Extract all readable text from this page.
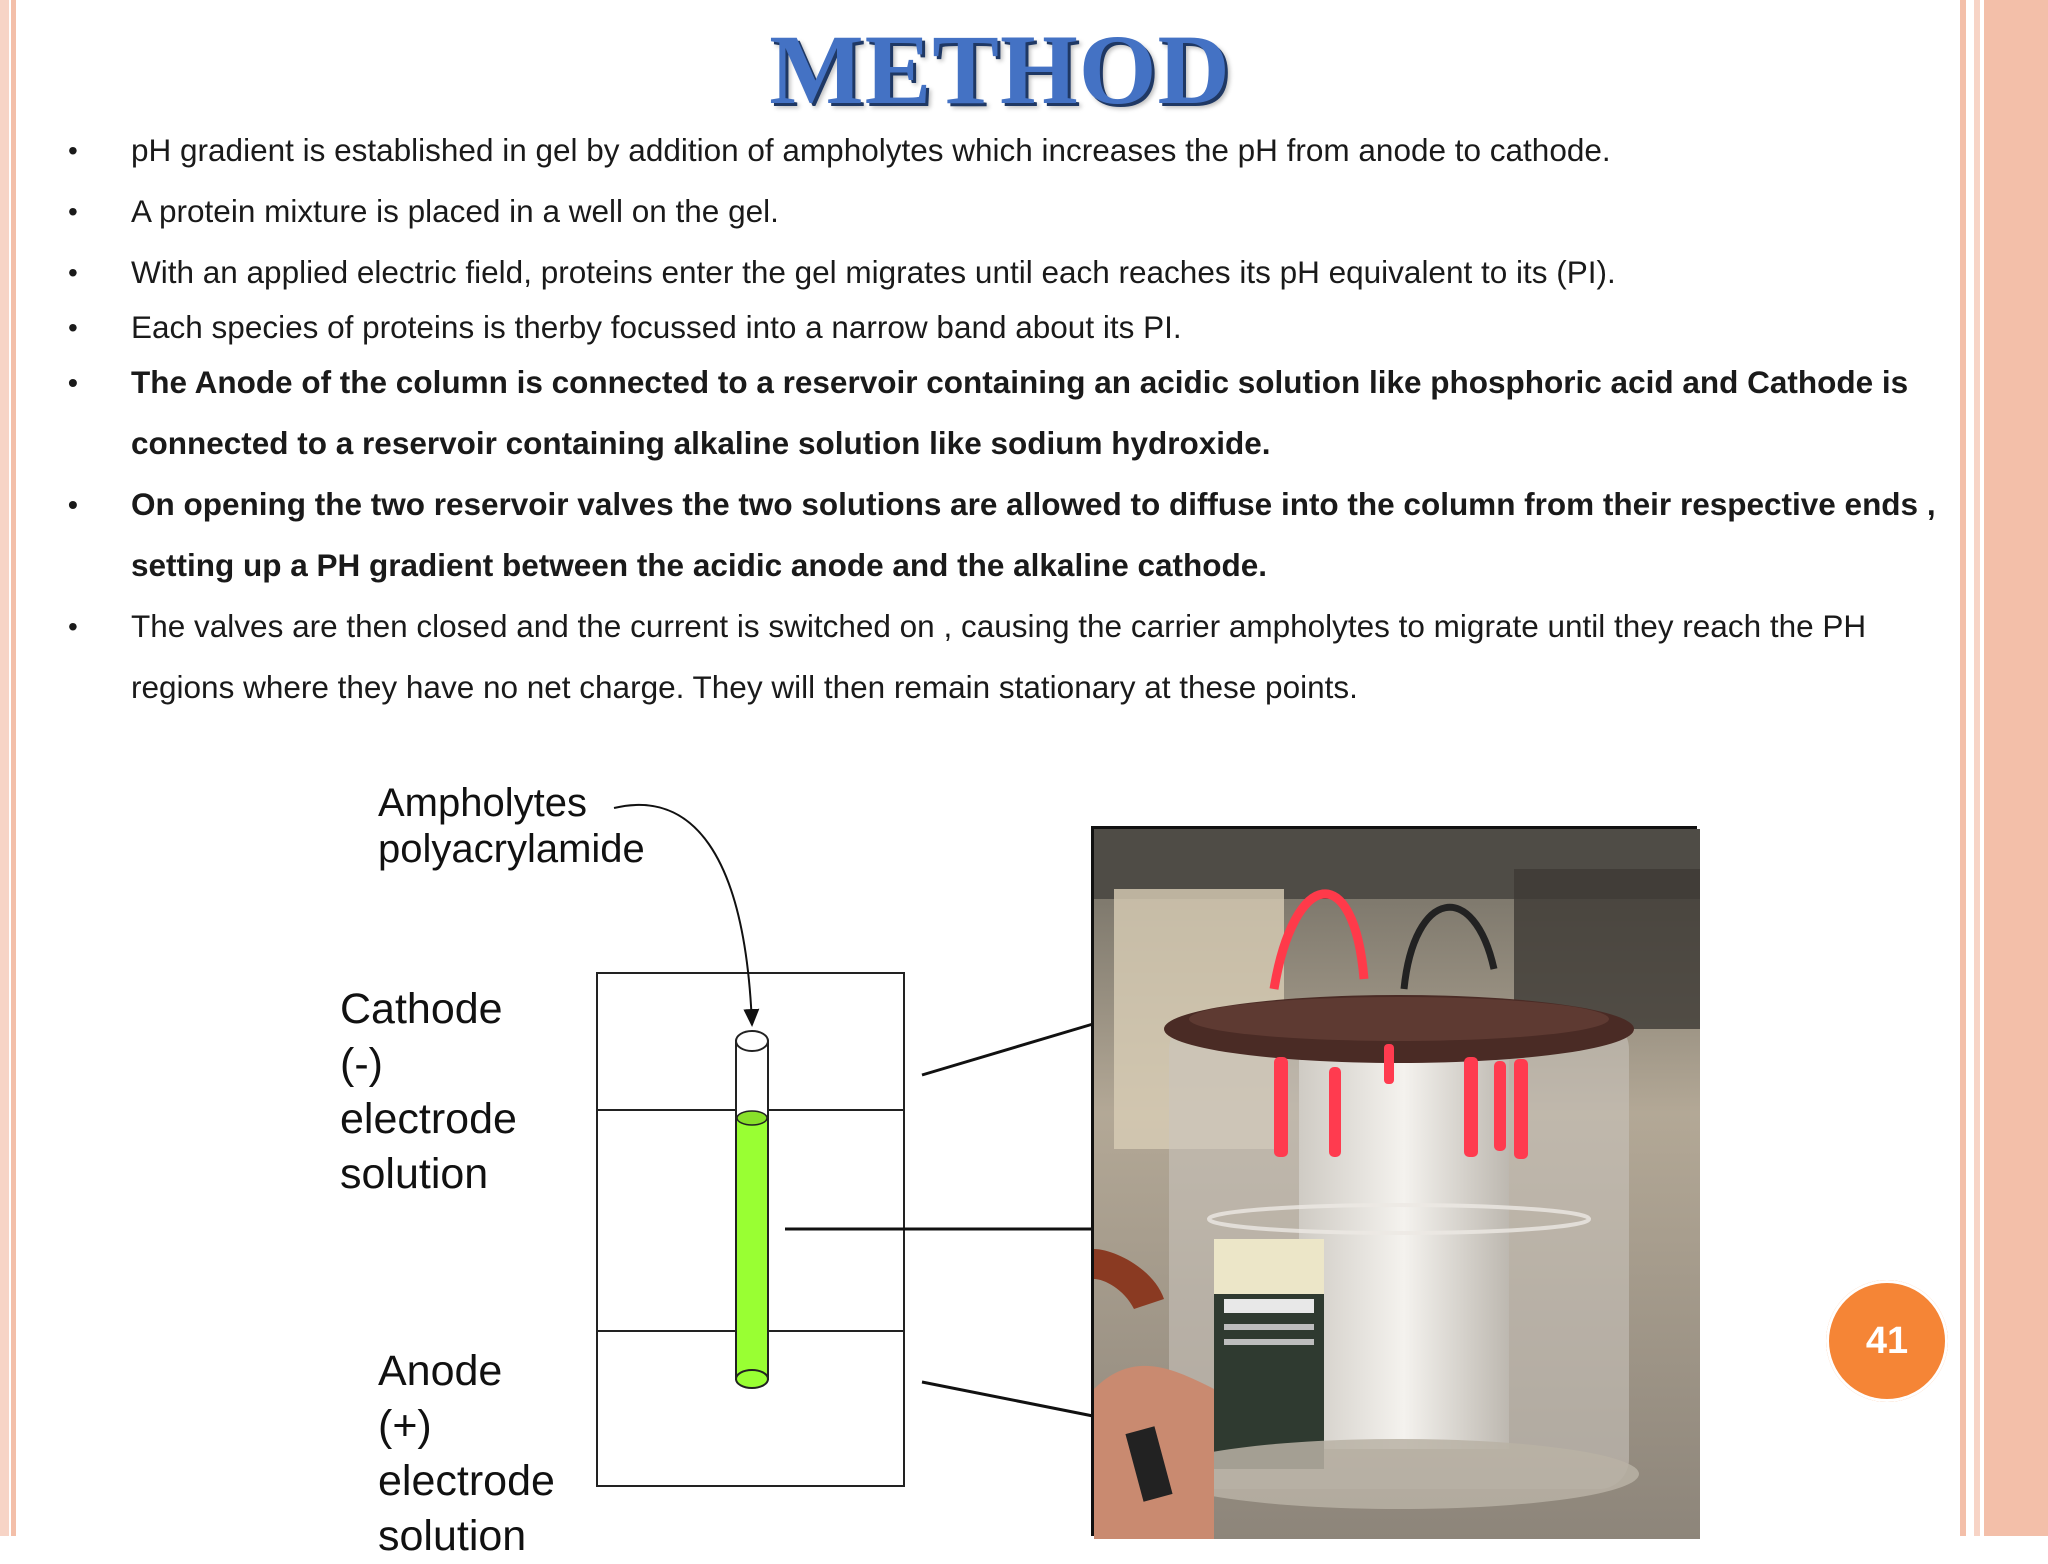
METHOD
• pH gradient is established in gel by addition of ampholytes which increases the pH from anode to cathode.
• A protein mixture is placed in a well on the gel.
• With an applied electric field, proteins enter the gel migrates until each reaches its pH equivalent to its (PI).
• Each species of proteins is therby focussed into a narrow band about its PI.
• The Anode of the column is connected to a reservoir containing an acidic solution like phosphoric acid and Cathode is connected to a reservoir containing alkaline solution like sodium hydroxide.
• On opening the two reservoir valves the two solutions are allowed to diffuse into the column from their respective ends , setting up a PH gradient between the acidic anode and the alkaline cathode.
• The valves are then closed and the current is switched on , causing the carrier ampholytes to migrate until they reach the PH regions where they have no net charge. They will then remain stationary at these points.
Ampholytes
polyacrylamide
Cathode
(-)
electrode
solution
Anode
(+)
electrode
solution
41
